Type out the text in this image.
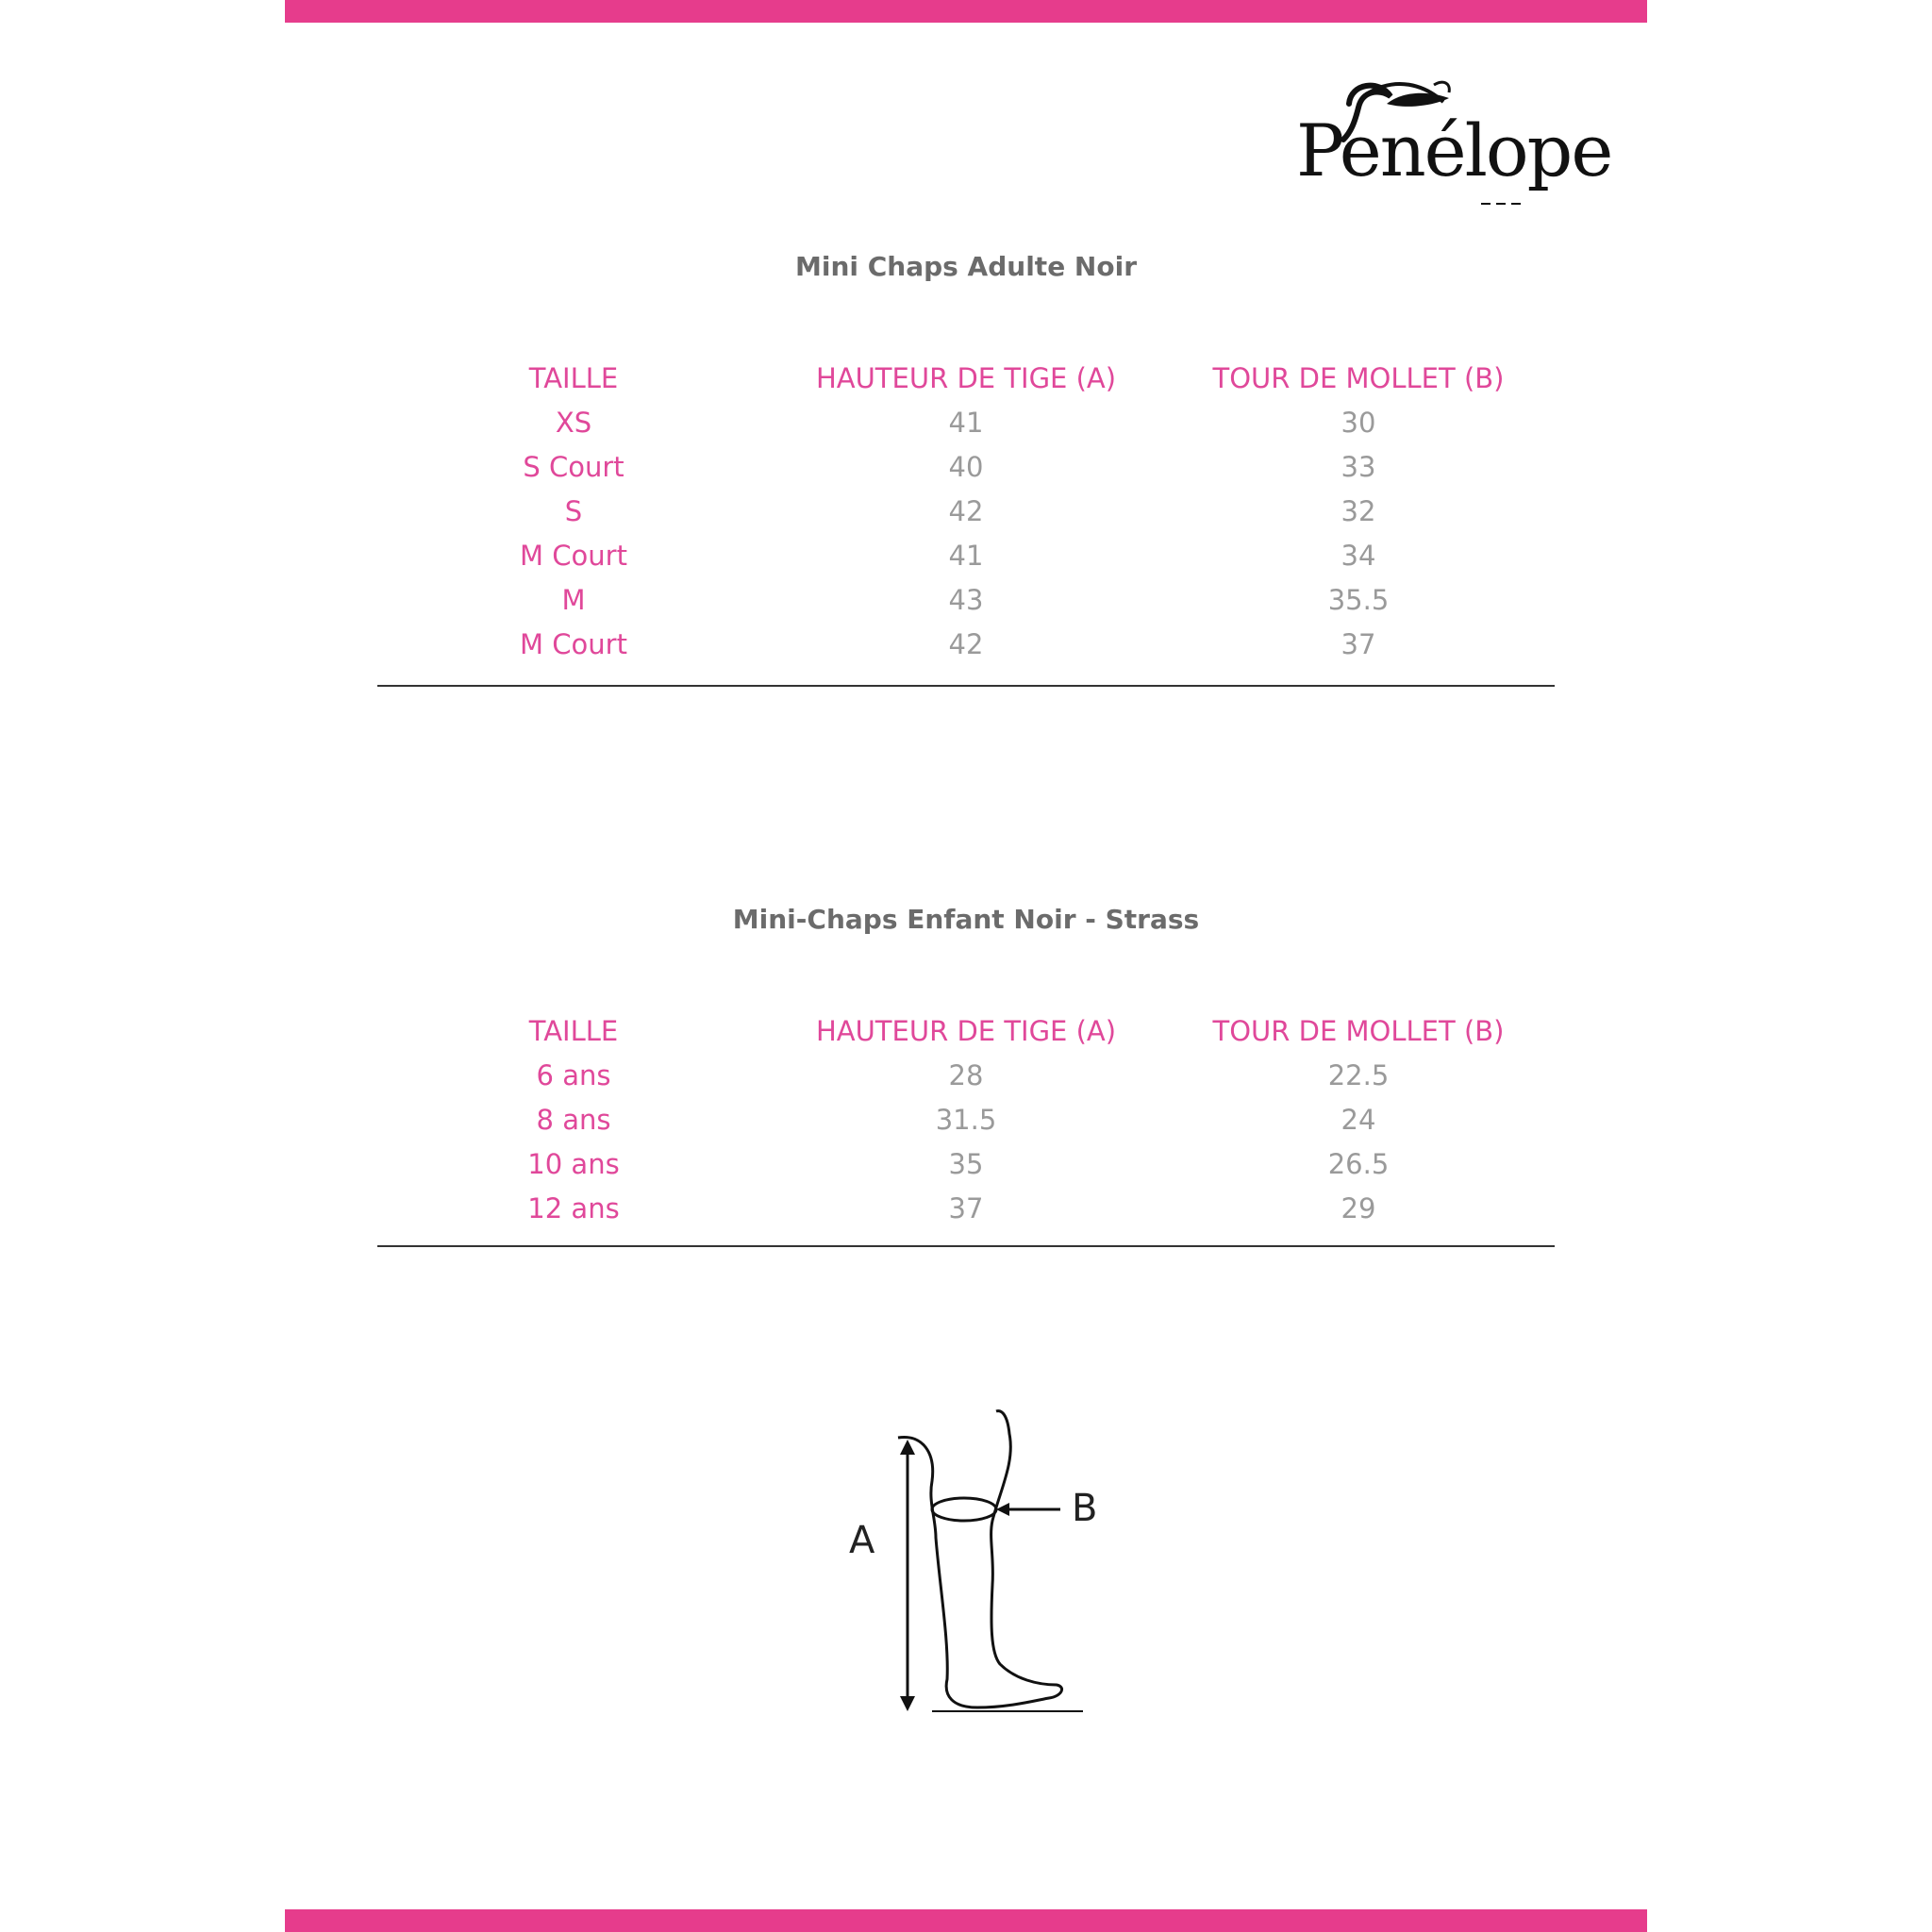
Penélope
Mini Chaps Adulte Noir
TAILLE	HAUTEUR DE TIGE (A)	TOUR DE MOLLET (B)
XS	41	30
S Court	40	33
S	42	32
M Court	41	34
M	43	35.5
M Court	42	37
Mini-Chaps Enfant Noir - Strass
TAILLE	HAUTEUR DE TIGE (A)	TOUR DE MOLLET (B)
6 ans	28	22.5
8 ans	31.5	24
10 ans	35	26.5
12 ans	37	29
A
B
